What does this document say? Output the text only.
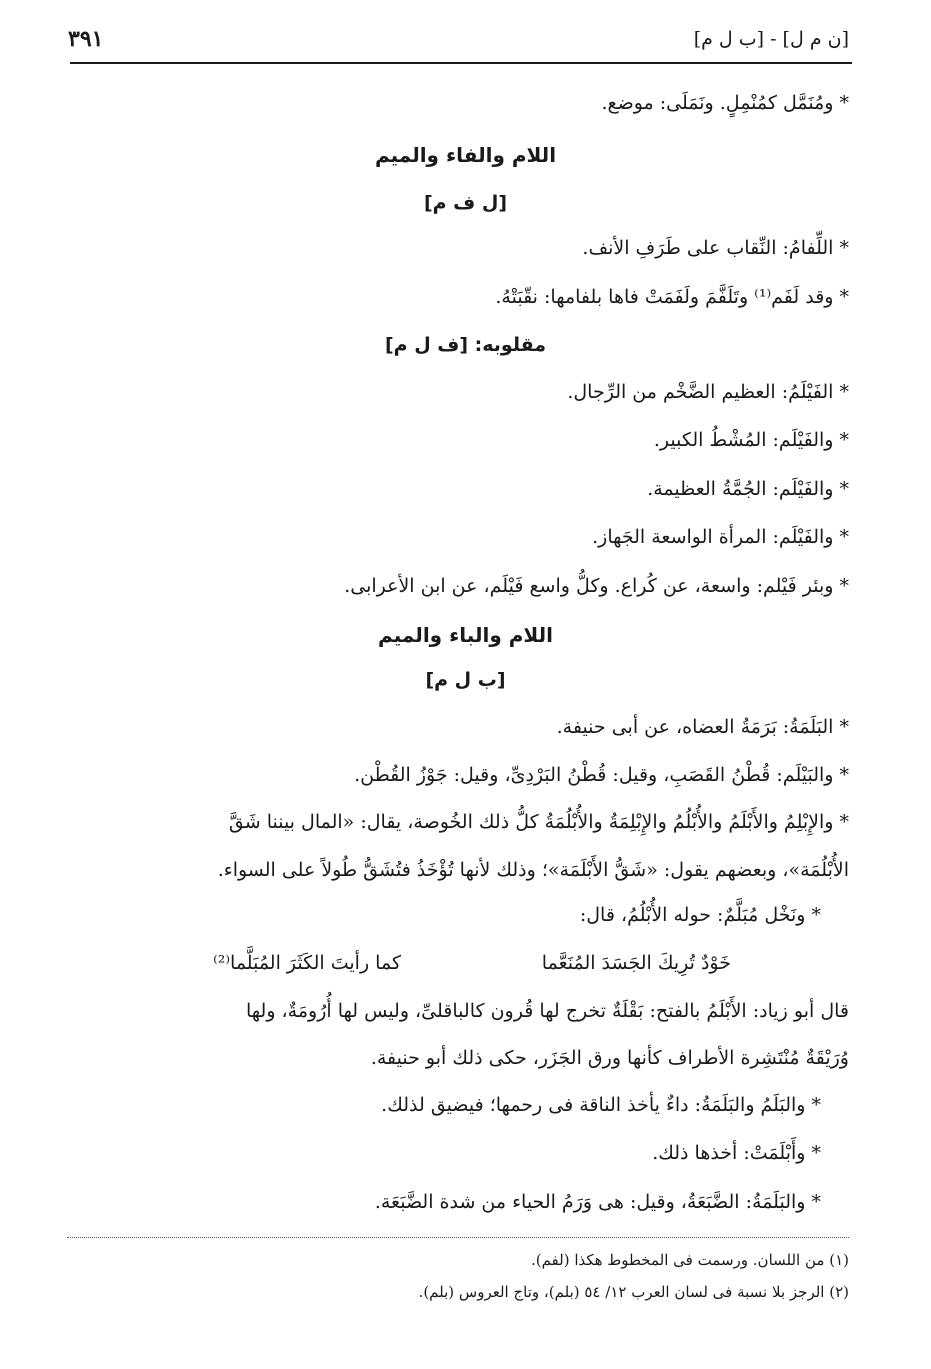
[ن م ل] - [ب ل م]
٣٩١
* ومُنَمَّل كمُنْمِلٍ. ونَمَلَى: موضع.
اللام والفاء والميم
[ل ف م]
* اللِّفامُ: النِّقاب على طَرَفِ الأنف.
* وقد لَفَم⁽¹⁾ وتَلَفَّمَ ولَفَمَتْ فاها بلفامها: نقّبَتْهُ.
مقلوبه: [ف ل م]
* الفَيْلَمُ: العظيم الضَّخْم من الرِّجال.
* والفَيْلَم: المُشْطُ الكبير.
* والفَيْلَم: الجُمَّةُ العظيمة.
* والفَيْلَم: المرأة الواسعة الجَهاز.
* وبئر فَيْلم: واسعة، عن كُراع. وكلُّ واسع فَيْلَم، عن ابن الأعرابى.
اللام والباء والميم
[ب ل م]
* البَلَمَةُ: بَرَمَةُ العضاه، عن أبى حنيفة.
* والبَيْلَم: قُطْنُ القَصَبِ، وقيل: قُطْنُ البَرْدِىِّ، وقيل: جَوْزُ القُطْن.
* والإِبْلِمُ والأَبْلَمُ والأُبْلُمُ والإِبْلِمَةُ والأُبْلُمَةُ كلُّ ذلك الخُوصة، يقال: «المال بيننا شَقَّ
الأُبْلُمَة»، وبعضهم يقول: «شَقُّ الأَبْلَمَة»؛ وذلك لأنها تُؤْخَذُ فتُشَقُّ طُولاً على السواء.
* ونَخْل مُبَلَّمٌ: حوله الأُبْلُمُ، قال:
خَوْدٌ تُرِيكَ الجَسَدَ المُنَعَّما
كما رأيتَ الكَثَرَ المُبَلَّما⁽²⁾
قال أبو زياد: الأَبْلَمُ بالفتح: بَقْلَةٌ تخرج لها قُرون كالباقلىِّ، وليس لها أُرُومَةٌ، ولها
وُرَيْقَةٌ مُنْتَشِرة الأطراف كأنها ورق الجَزَر، حكى ذلك أبو حنيفة.
* والبَلَمُ والبَلَمَةُ: داءٌ يأخذ الناقة فى رحمها؛ فيضيق لذلك.
* وأَبْلَمَتْ: أخذها ذلك.
* والبَلَمَةُ: الضَّبَعَةُ، وقيل: هى وَرَمُ الحياء من شدة الضَّبَعَة.
(١) من اللسان. ورسمت فى المخطوط هكذا (لفم).
(٢) الرجز بلا نسبة فى لسان العرب ١٢/ ٥٤ (بلم)، وتاج العروس (بلم).
